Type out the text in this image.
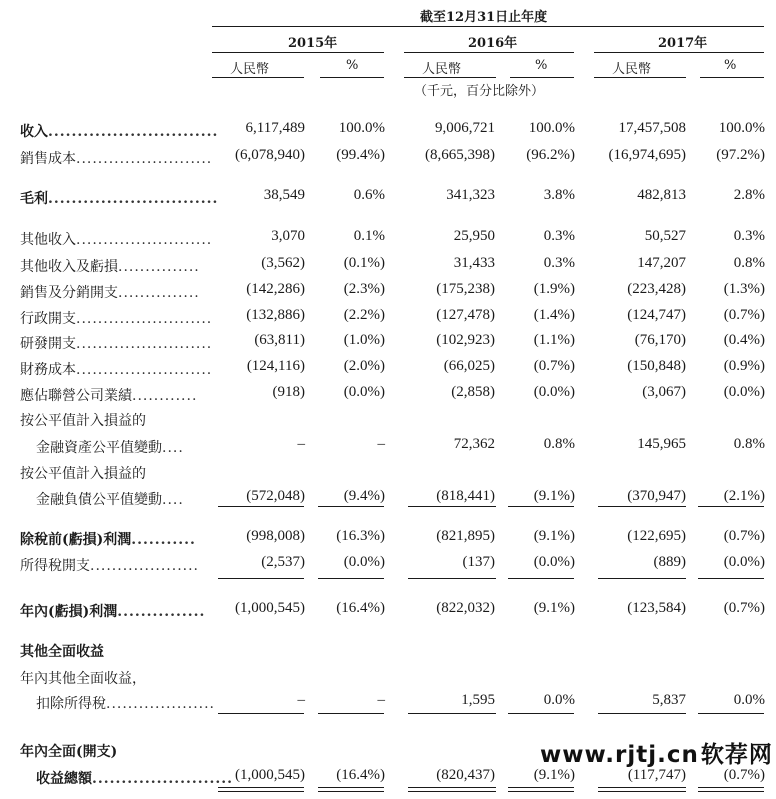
截至12月31日止年度
2015年	2016年	2017年
人民幣	%	人民幣	%	人民幣	%
（千元，百分比除外）
收入.............................	6,117,489	100.0%	9,006,721	100.0%	17,457,508	100.0%
銷售成本.........................	(6,078,940)	(99.4%)	(8,665,398)	(96.2%)	(16,974,695)	(97.2%)
毛利.............................	38,549	0.6%	341,323	3.8%	482,813	2.8%
其他收入.........................	3,070	0.1%	25,950	0.3%	50,527	0.3%
其他收入及虧損...............	(3,562)	(0.1%)	31,433	0.3%	147,207	0.8%
銷售及分銷開支...............	(142,286)	(2.3%)	(175,238)	(1.9%)	(223,428)	(1.3%)
行政開支.........................	(132,886)	(2.2%)	(127,478)	(1.4%)	(124,747)	(0.7%)
研發開支.........................	(63,811)	(1.0%)	(102,923)	(1.1%)	(76,170)	(0.4%)
財務成本.........................	(124,116)	(2.0%)	(66,025)	(0.7%)	(150,848)	(0.9%)
應佔聯營公司業績............	(918)	(0.0%)	(2,858)	(0.0%)	(3,067)	(0.0%)
按公平值計入損益的
金融資產公平值變動....	–	–	72,362	0.8%	145,965	0.8%
按公平值計入損益的
金融負債公平值變動....	(572,048)	(9.4%)	(818,441)	(9.1%)	(370,947)	(2.1%)
除稅前(虧損)利潤...........	(998,008)	(16.3%)	(821,895)	(9.1%)	(122,695)	(0.7%)
所得稅開支....................	(2,537)	(0.0%)	(137)	(0.0%)	(889)	(0.0%)
年內(虧損)利潤...............	(1,000,545)	(16.4%)	(822,032)	(9.1%)	(123,584)	(0.7%)
其他全面收益
年內其他全面收益，
扣除所得稅....................	–	–	1,595	0.0%	5,837	0.0%
年內全面(開支)
收益總額........................ (1,000,545)	(16.4%)	(820,437)	(9.1%)	(117,747)	(0.7%)
www.rjtj.cn软荐网
